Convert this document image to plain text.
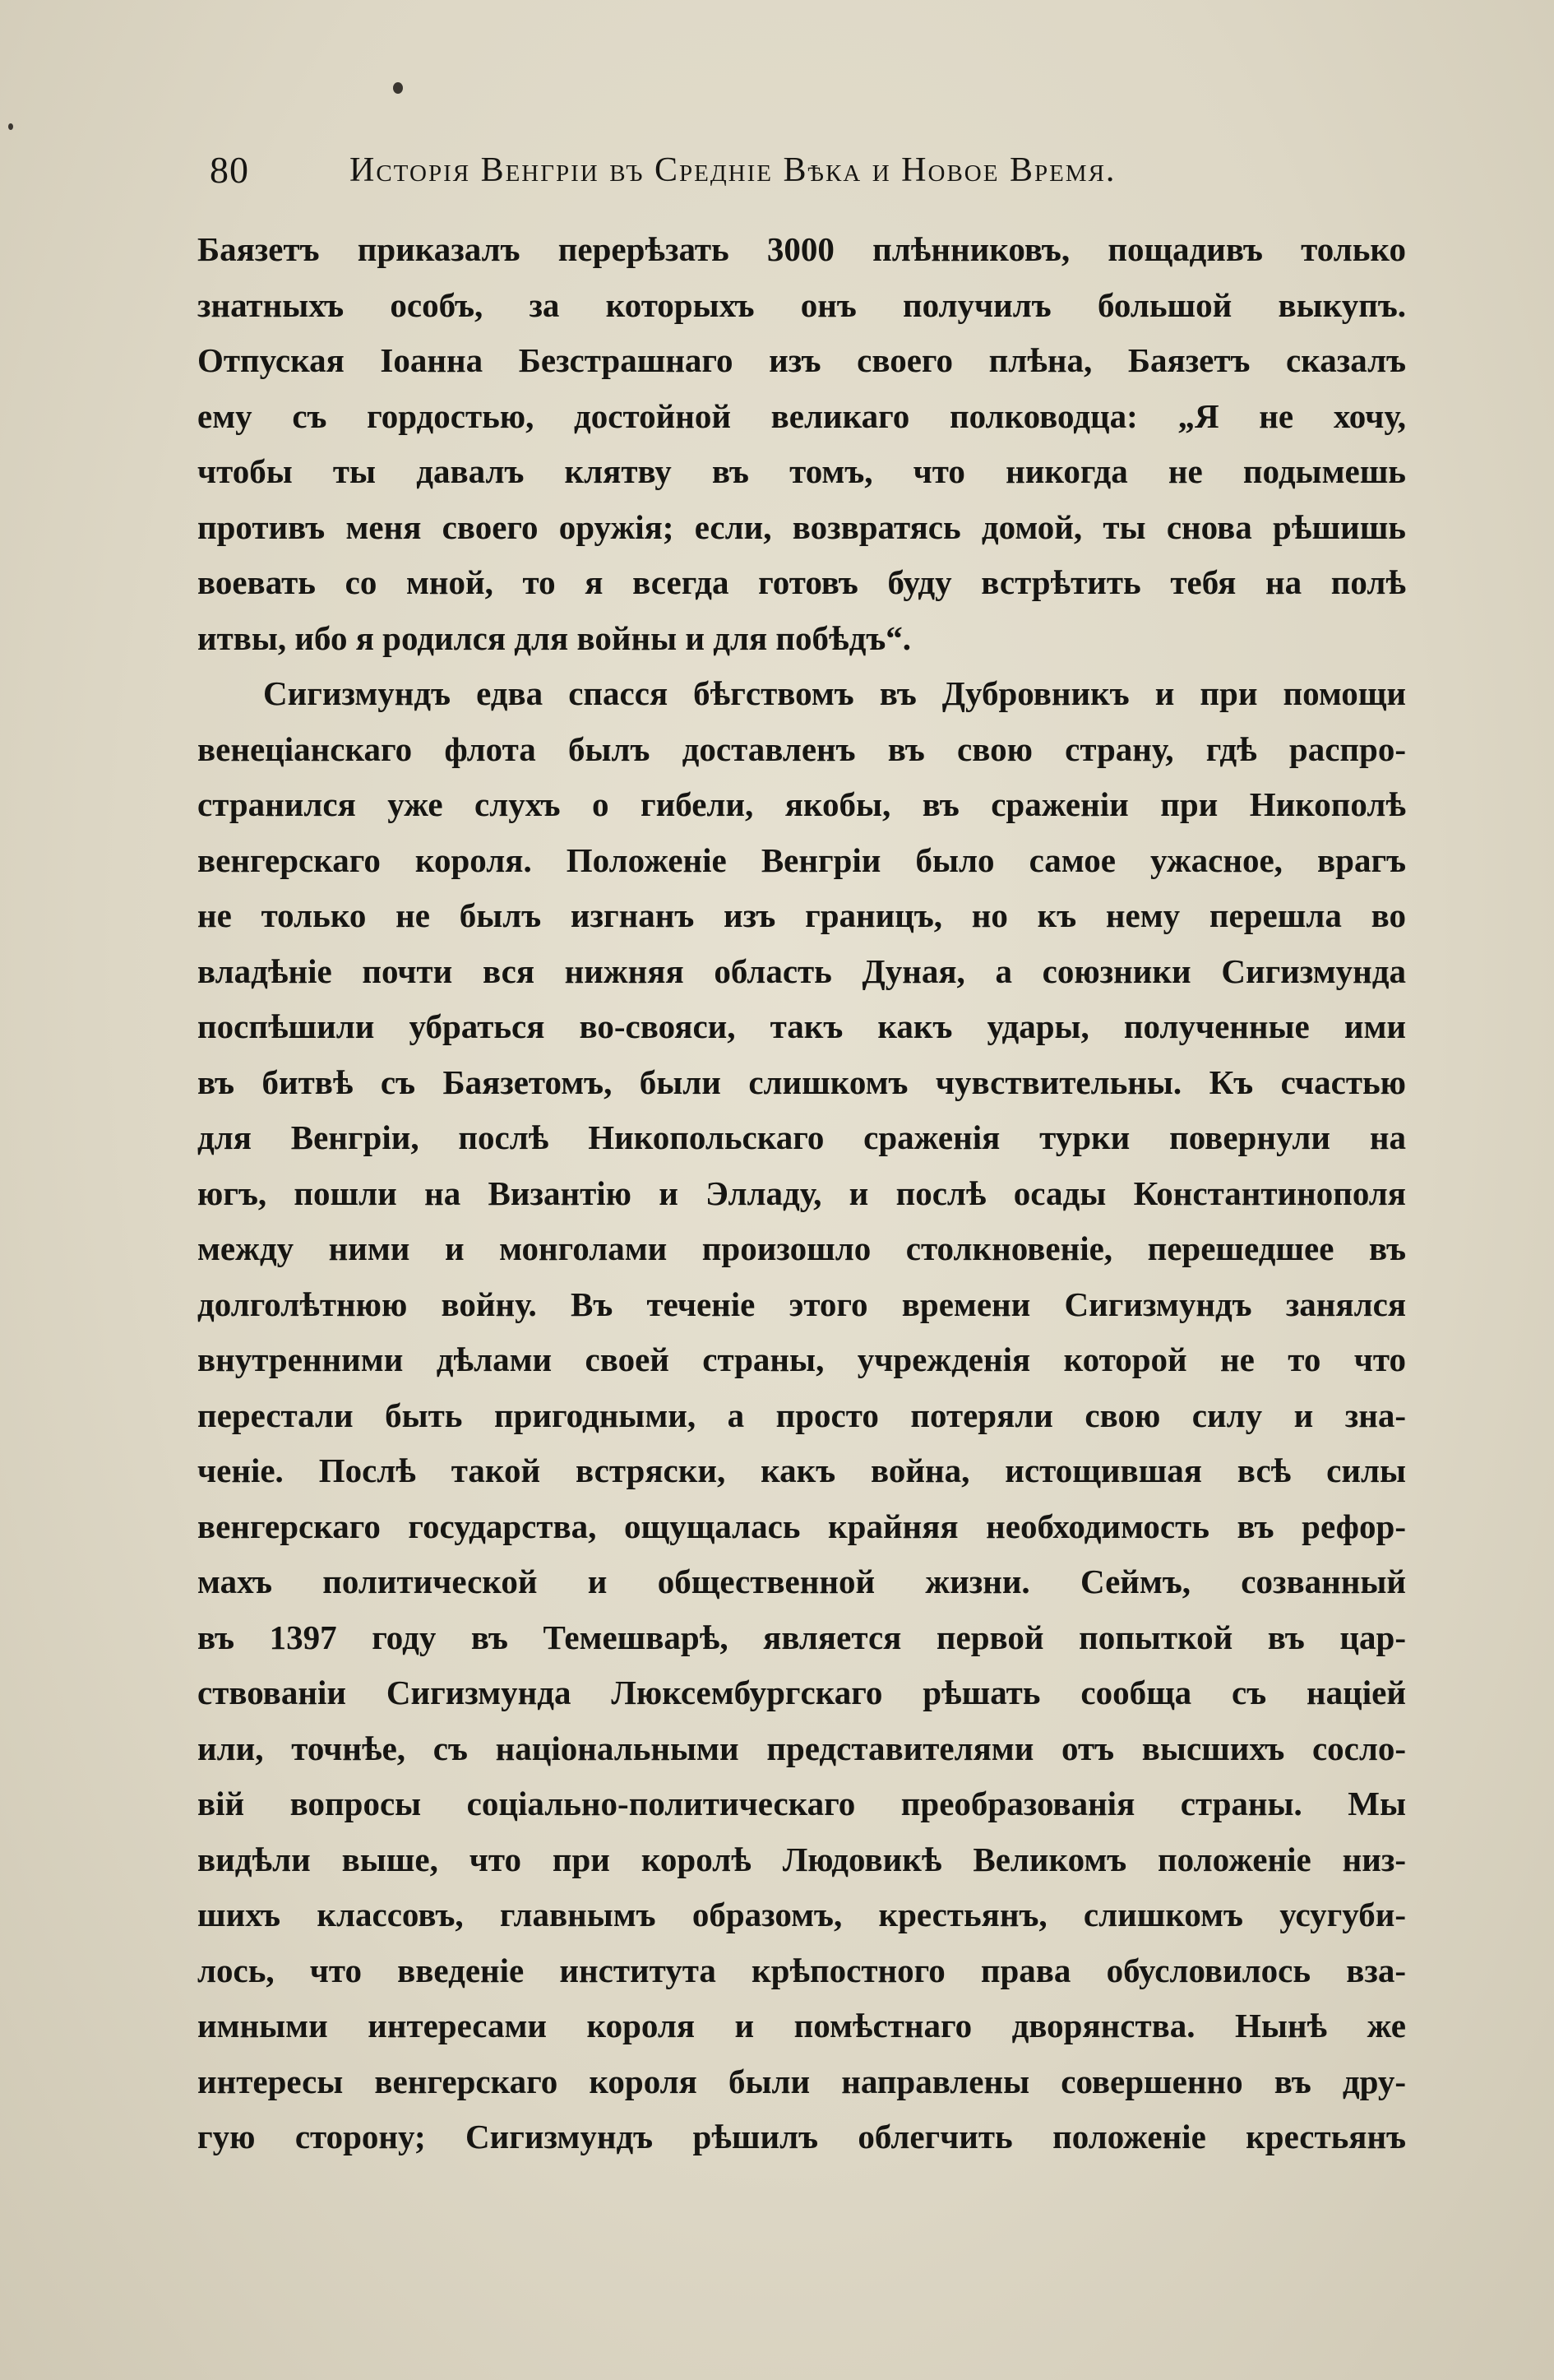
80	Исторія Венгріи въ Средніе Вѣка и Новое Время.
Баязетъ приказалъ перерѣзать 3000 плѣнниковъ, пощадивъ только
знатныхъ особъ, за которыхъ онъ получилъ большой выкупъ.
Отпуская Іоанна Безстрашнаго изъ своего плѣна, Баязетъ сказалъ
ему съ гордостью, достойной великаго полководца: „Я не хочу,
чтобы ты давалъ клятву въ томъ, что никогда не подымешь
противъ меня своего оружія; если, возвратясь домой, ты снова рѣшишь
воевать со мной, то я всегда готовъ буду встрѣтить тебя на полѣ
итвы, ибо я родился для войны и для побѣдъ“.
Сигизмундъ едва спасся бѣгствомъ въ Дубровникъ и при помощи
венеціанскаго флота былъ доставленъ въ свою страну, гдѣ распро-
странился уже слухъ о гибели, якобы, въ сраженіи при Никополѣ
венгерскаго короля. Положеніе Венгріи было самое ужасное, врагъ
не только не былъ изгнанъ изъ границъ, но къ нему перешла во
владѣніе почти вся нижняя область Дуная, а союзники Сигизмунда
поспѣшили убраться во-свояси, такъ какъ удары, полученные ими
въ битвѣ съ Баязетомъ, были слишкомъ чувствительны. Къ счастью
для Венгріи, послѣ Никопольскаго сраженія турки повернули на
югъ, пошли на Византію и Элладу, и послѣ осады Константинополя
между ними и монголами произошло столкновеніе, перешедшее въ
долголѣтнюю войну. Въ теченіе этого времени Сигизмундъ занялся
внутренними дѣлами своей страны, учрежденія которой не то что
перестали быть пригодными, а просто потеряли свою силу и зна-
ченіе. Послѣ такой встряски, какъ война, истощившая всѣ силы
венгерскаго государства, ощущалась крайняя необходимость въ рефор-
махъ политической и общественной жизни. Сеймъ, созванный
въ 1397 году въ Темешварѣ, является первой попыткой въ цар-
ствованіи Сигизмунда Люксембургскаго рѣшать сообща съ націей
или, точнѣе, съ національными представителями отъ высшихъ сосло-
вій вопросы соціально-политическаго преобразованія страны. Мы
видѣли выше, что при королѣ Людовикѣ Великомъ положеніе низ-
шихъ классовъ, главнымъ образомъ, крестьянъ, слишкомъ усугуби-
лось, что введеніе института крѣпостного права обусловилось вза-
имными интересами короля и помѣстнаго дворянства. Нынѣ же
интересы венгерскаго короля были направлены совершенно въ дру-
гую сторону; Сигизмундъ рѣшилъ облегчить положеніе крестьянъ
